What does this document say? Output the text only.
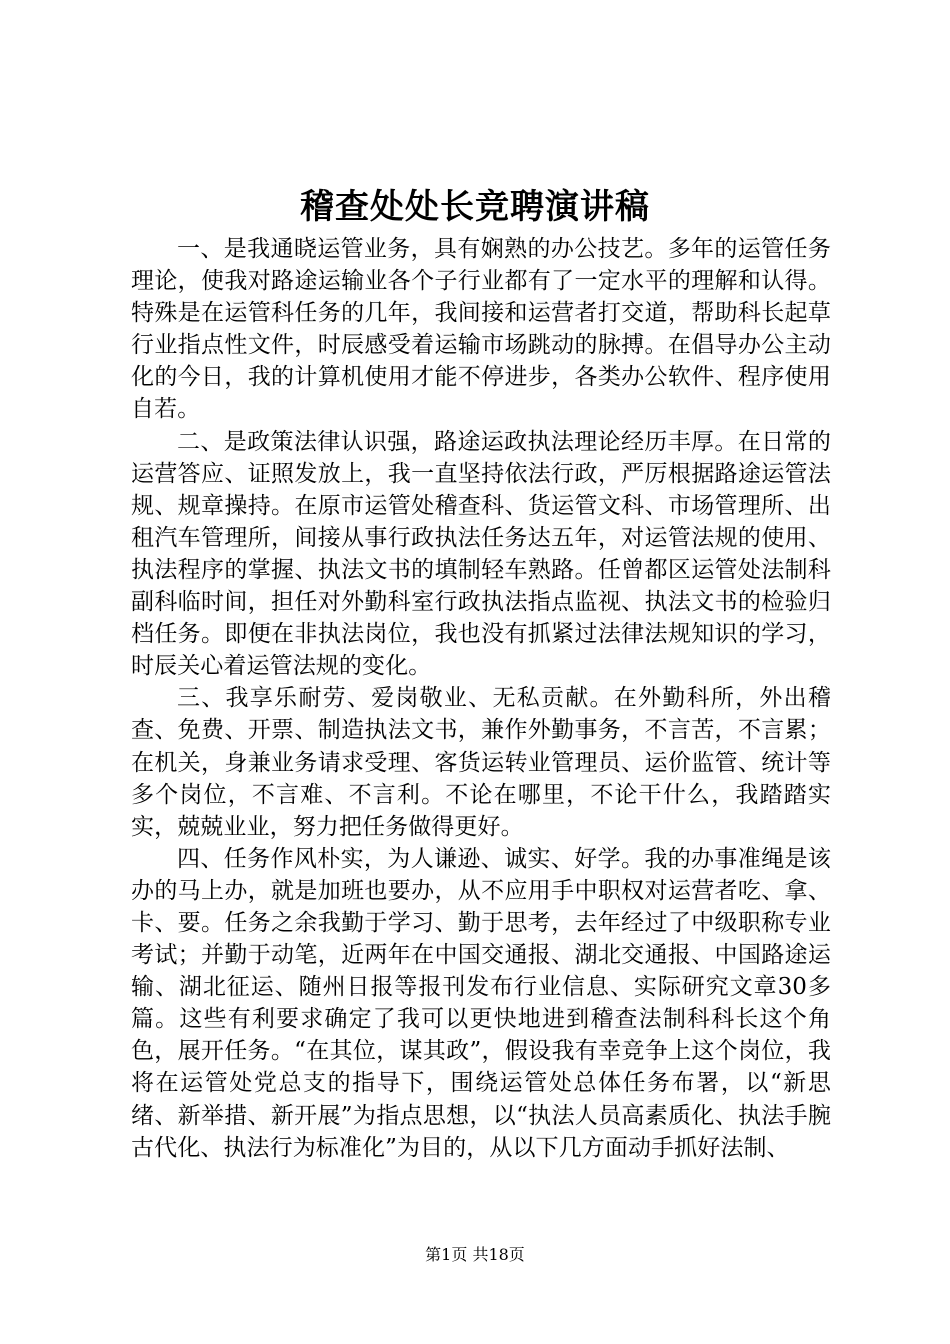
稽查处处长竞聘演讲稿

一、是我通晓运管业务，具有娴熟的办公技艺。多年的运管任务理论，使我对路途运输业各个子行业都有了一定水平的理解和认得。特殊是在运管科任务的几年，我间接和运营者打交道，帮助科长起草行业指点性文件，时辰感受着运输市场跳动的脉搏。在倡导办公主动化的今日，我的计算机使用才能不停进步，各类办公软件、程序使用自若。

二、是政策法律认识强，路途运政执法理论经历丰厚。在日常的运营答应、证照发放上，我一直坚持依法行政，严厉根据路途运管法规、规章操持。在原市运管处稽查科、货运管文科、市场管理所、出租汽车管理所，间接从事行政执法任务达五年，对运管法规的使用、执法程序的掌握、执法文书的填制轻车熟路。任曾都区运管处法制科副科临时间，担任对外勤科室行政执法指点监视、执法文书的检验归档任务。即便在非执法岗位，我也没有抓紧过法律法规知识的学习，时辰关心着运管法规的变化。

三、我享乐耐劳、爱岗敬业、无私贡献。在外勤科所，外出稽查、免费、开票、制造执法文书，兼作外勤事务，不言苦，不言累；在机关，身兼业务请求受理、客货运转业管理员、运价监管、统计等多个岗位，不言难、不言利。不论在哪里，不论干什么，我踏踏实实，兢兢业业，努力把任务做得更好。

四、任务作风朴实，为人谦逊、诚实、好学。我的办事准绳是该办的马上办，就是加班也要办，从不应用手中职权对运营者吃、拿、卡、要。任务之余我勤于学习、勤于思考，去年经过了中级职称专业考试；并勤于动笔，近两年在中国交通报、湖北交通报、中国路途运输、湖北征运、随州日报等报刊发布行业信息、实际研究文章30多篇。这些有利要求确定了我可以更快地进到稽查法制科科长这个角色，展开任务。“在其位，谋其政”，假设我有幸竞争上这个岗位，我将在运管处党总支的指导下，围绕运管处总体任务布署，以“新思绪、新举措、新开展”为指点思想，以“执法人员高素质化、执法手腕古代化、执法行为标准化”为目的，从以下几方面动手抓好法制、

第1页 共18页
